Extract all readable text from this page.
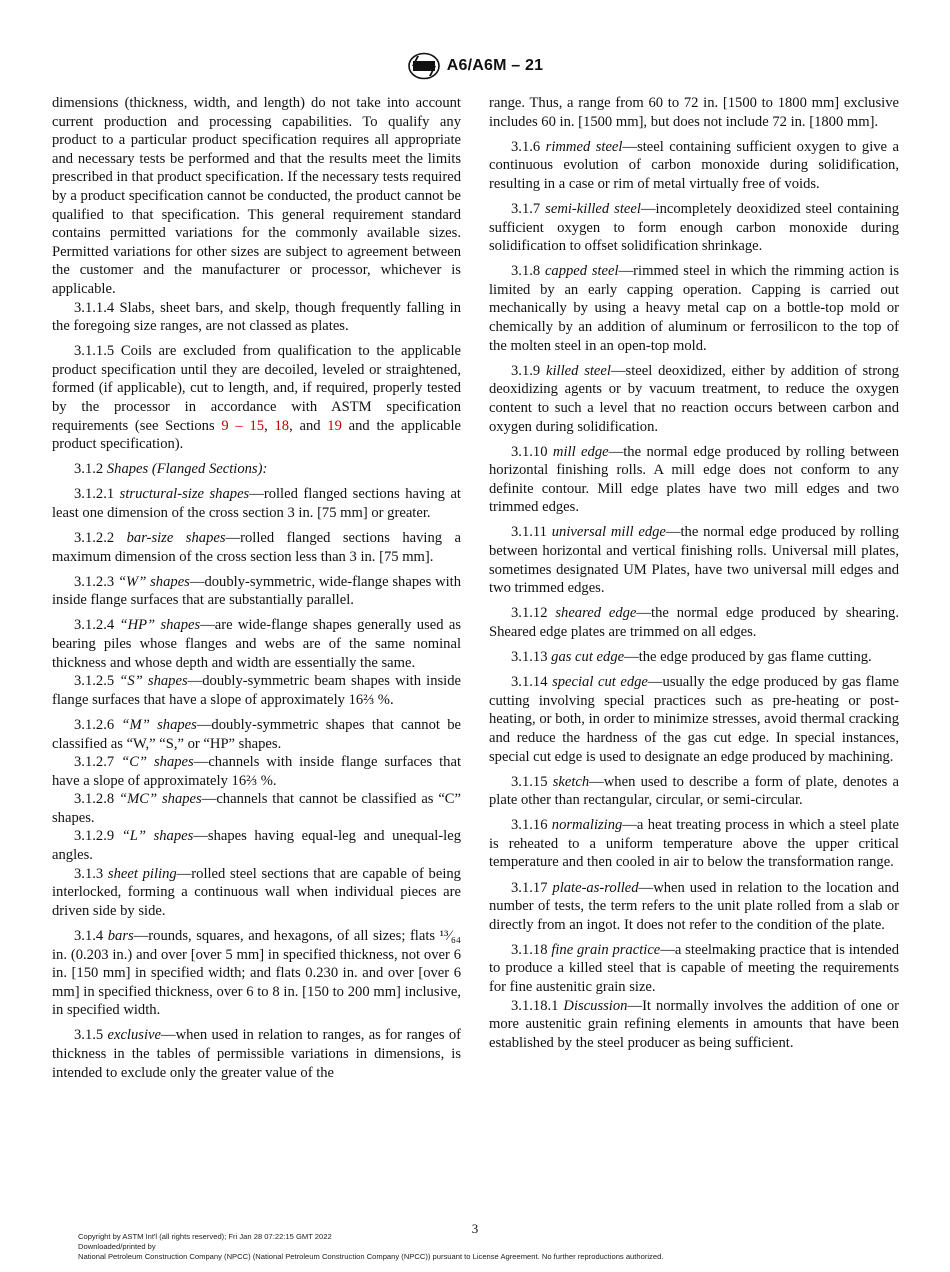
A6/A6M – 21

dimensions (thickness, width, and length) do not take into account current production and processing capabilities. To qualify any product to a particular product specification requires all appropriate and necessary tests be performed and that the results meet the limits prescribed in that product specification. If the necessary tests required by a product specification cannot be conducted, the product cannot be qualified to that specification. This general requirement standard contains permitted variations for the commonly available sizes. Permitted variations for other sizes are subject to agreement between the customer and the manufacturer or processor, whichever is applicable.

3.1.1.4 Slabs, sheet bars, and skelp, though frequently falling in the foregoing size ranges, are not classed as plates.

3.1.1.5 Coils are excluded from qualification to the applicable product specification until they are decoiled, leveled or straightened, formed (if applicable), cut to length, and, if required, properly tested by the processor in accordance with ASTM specification requirements (see Sections 9 – 15, 18, and 19 and the applicable product specification).

3.1.2 Shapes (Flanged Sections):

3.1.2.1 structural-size shapes—rolled flanged sections having at least one dimension of the cross section 3 in. [75 mm] or greater.

3.1.2.2 bar-size shapes—rolled flanged sections having a maximum dimension of the cross section less than 3 in. [75 mm].

3.1.2.3 “W” shapes—doubly-symmetric, wide-flange shapes with inside flange surfaces that are substantially parallel.

3.1.2.4 “HP” shapes—are wide-flange shapes generally used as bearing piles whose flanges and webs are of the same nominal thickness and whose depth and width are essentially the same.

3.1.2.5 “S” shapes—doubly-symmetric beam shapes with inside flange surfaces that have a slope of approximately 16⅔ %.

3.1.2.6 “M” shapes—doubly-symmetric shapes that cannot be classified as “W,” “S,” or “HP” shapes.

3.1.2.7 “C” shapes—channels with inside flange surfaces that have a slope of approximately 16⅔ %.

3.1.2.8 “MC” shapes—channels that cannot be classified as “C” shapes.

3.1.2.9 “L” shapes—shapes having equal-leg and unequal-leg angles.

3.1.3 sheet piling—rolled steel sections that are capable of being interlocked, forming a continuous wall when individual pieces are driven side by side.

3.1.4 bars—rounds, squares, and hexagons, of all sizes; flats ¹³⁄₆₄ in. (0.203 in.) and over [over 5 mm] in specified thickness, not over 6 in. [150 mm] in specified width; and flats 0.230 in. and over [over 6 mm] in specified thickness, over 6 to 8 in. [150 to 200 mm] inclusive, in specified width.

3.1.5 exclusive—when used in relation to ranges, as for ranges of thickness in the tables of permissible variations in dimensions, is intended to exclude only the greater value of the

range. Thus, a range from 60 to 72 in. [1500 to 1800 mm] exclusive includes 60 in. [1500 mm], but does not include 72 in. [1800 mm].

3.1.6 rimmed steel—steel containing sufficient oxygen to give a continuous evolution of carbon monoxide during solidification, resulting in a case or rim of metal virtually free of voids.

3.1.7 semi-killed steel—incompletely deoxidized steel containing sufficient oxygen to form enough carbon monoxide during solidification to offset solidification shrinkage.

3.1.8 capped steel—rimmed steel in which the rimming action is limited by an early capping operation. Capping is carried out mechanically by using a heavy metal cap on a bottle-top mold or chemically by an addition of aluminum or ferrosilicon to the top of the molten steel in an open-top mold.

3.1.9 killed steel—steel deoxidized, either by addition of strong deoxidizing agents or by vacuum treatment, to reduce the oxygen content to such a level that no reaction occurs between carbon and oxygen during solidification.

3.1.10 mill edge—the normal edge produced by rolling between horizontal finishing rolls. A mill edge does not conform to any definite contour. Mill edge plates have two mill edges and two trimmed edges.

3.1.11 universal mill edge—the normal edge produced by rolling between horizontal and vertical finishing rolls. Universal mill plates, sometimes designated UM Plates, have two universal mill edges and two trimmed edges.

3.1.12 sheared edge—the normal edge produced by shearing. Sheared edge plates are trimmed on all edges.

3.1.13 gas cut edge—the edge produced by gas flame cutting.

3.1.14 special cut edge—usually the edge produced by gas flame cutting involving special practices such as pre-heating or post-heating, or both, in order to minimize stresses, avoid thermal cracking and reduce the hardness of the gas cut edge. In special instances, special cut edge is used to designate an edge produced by machining.

3.1.15 sketch—when used to describe a form of plate, denotes a plate other than rectangular, circular, or semi-circular.

3.1.16 normalizing—a heat treating process in which a steel plate is reheated to a uniform temperature above the upper critical temperature and then cooled in air to below the transformation range.

3.1.17 plate-as-rolled—when used in relation to the location and number of tests, the term refers to the unit plate rolled from a slab or directly from an ingot. It does not refer to the condition of the plate.

3.1.18 fine grain practice—a steelmaking practice that is intended to produce a killed steel that is capable of meeting the requirements for fine austenitic grain size.

3.1.18.1 Discussion—It normally involves the addition of one or more austenitic grain refining elements in amounts that have been established by the steel producer as being sufficient.

3
Copyright by ASTM Int'l (all rights reserved); Fri Jan 28 07:22:15 GMT 2022
Downloaded/printed by
National Petroleum Construction Company (NPCC) (National Petroleum Construction Company (NPCC)) pursuant to License Agreement. No further reproductions authorized.
